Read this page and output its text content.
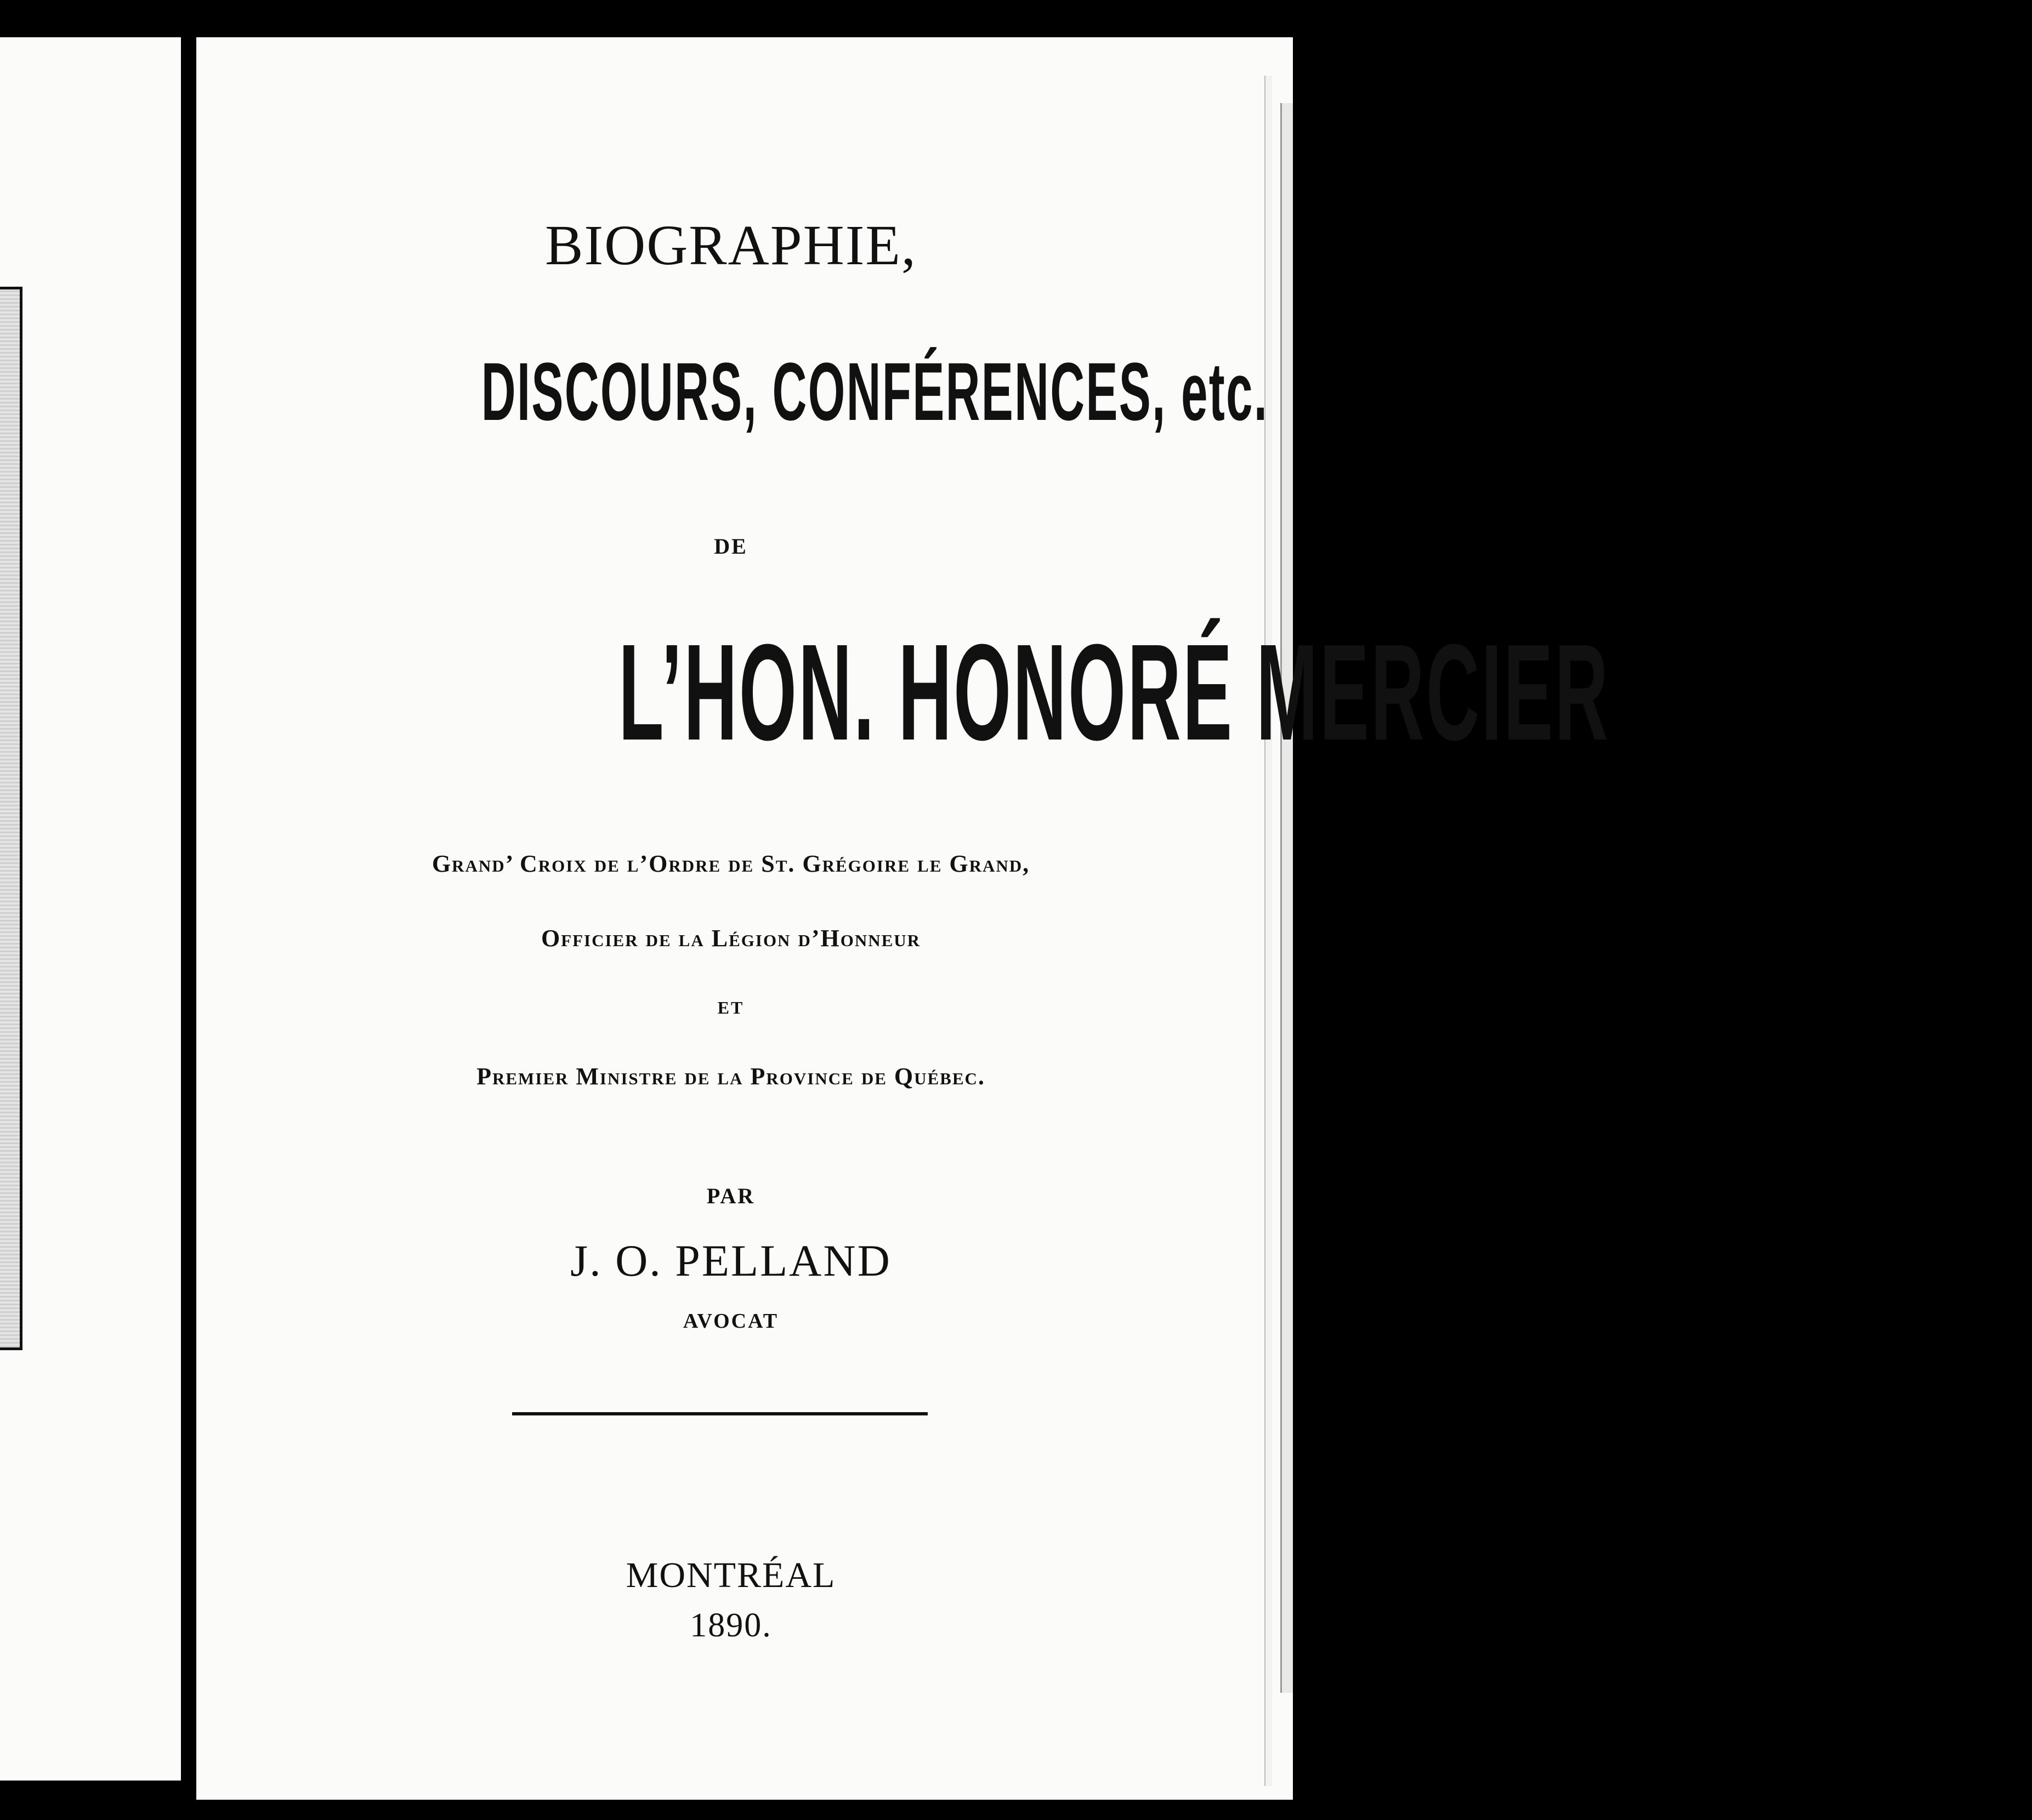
BIOGRAPHIE,
DISCOURS, CONFÉRENCES, etc.
DE
L’HON. HONORÉ MERCIER
Grand’ Croix de l’Ordre de St. Grégoire le Grand,
Officier de la Légion d’Honneur
ET
Premier Ministre de la Province de Québec.
PAR
J. O. PELLAND
AVOCAT
MONTRÉAL
1890.
